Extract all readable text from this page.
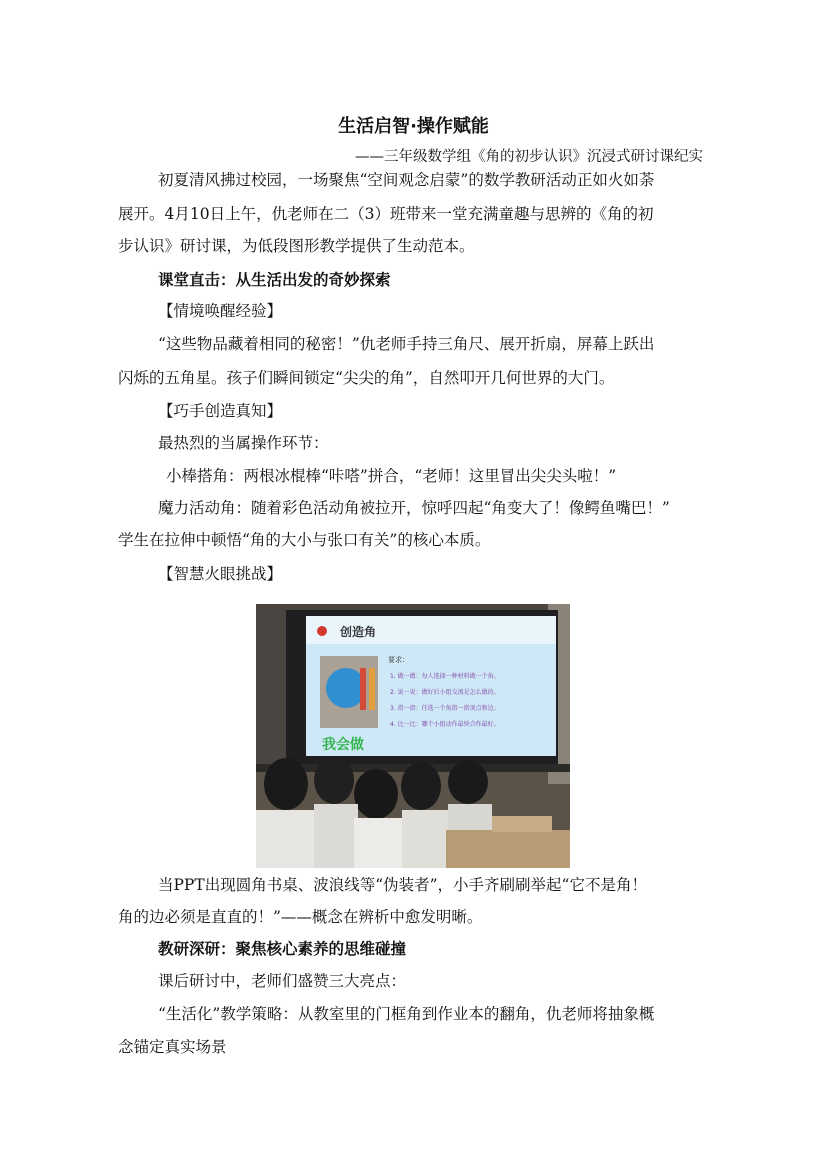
生活启智·操作赋能
——三年级数学组《角的初步认识》沉浸式研讨课纪实
初夏清风拂过校园，一场聚焦“空间观念启蒙”的数学教研活动正如火如荼
展开。4月10日上午，仇老师在二（3）班带来一堂充满童趣与思辨的《角的初
步认识》研讨课，为低段图形教学提供了生动范本。
课堂直击：从生活出发的奇妙探索
【情境唤醒经验】
“这些物品藏着相同的秘密！”仇老师手持三角尺、展开折扇，屏幕上跃出
闪烁的五角星。孩子们瞬间锁定“尖尖的角”，自然叩开几何世界的大门。
【巧手创造真知】
最热烈的当属操作环节：
小棒搭角：两根冰棍棒“咔嗒”拼合，“老师！这里冒出尖尖头啦！”
魔力活动角：随着彩色活动角被拉开，惊呼四起“角变大了！像鳄鱼嘴巴！”
学生在拉伸中顿悟“角的大小与张口有关”的核心本质。
【智慧火眼挑战】
创造角
我会做
要求：
1. 做一做：每人选择一种材料做一个角。
2. 说一说：做好后小组交流是怎么做的。
3. 指一指：任选一个角指一指顶点和边。
4. 比一比：哪个小组动作最快合作最好。
当PPT出现圆角书桌、波浪线等“伪装者”，小手齐刷刷举起“它不是角！
角的边必须是直直的！”——概念在辨析中愈发明晰。
教研深研：聚焦核心素养的思维碰撞
课后研讨中，老师们盛赞三大亮点：
“生活化”教学策略：从教室里的门框角到作业本的翻角，仇老师将抽象概
念锚定真实场景
